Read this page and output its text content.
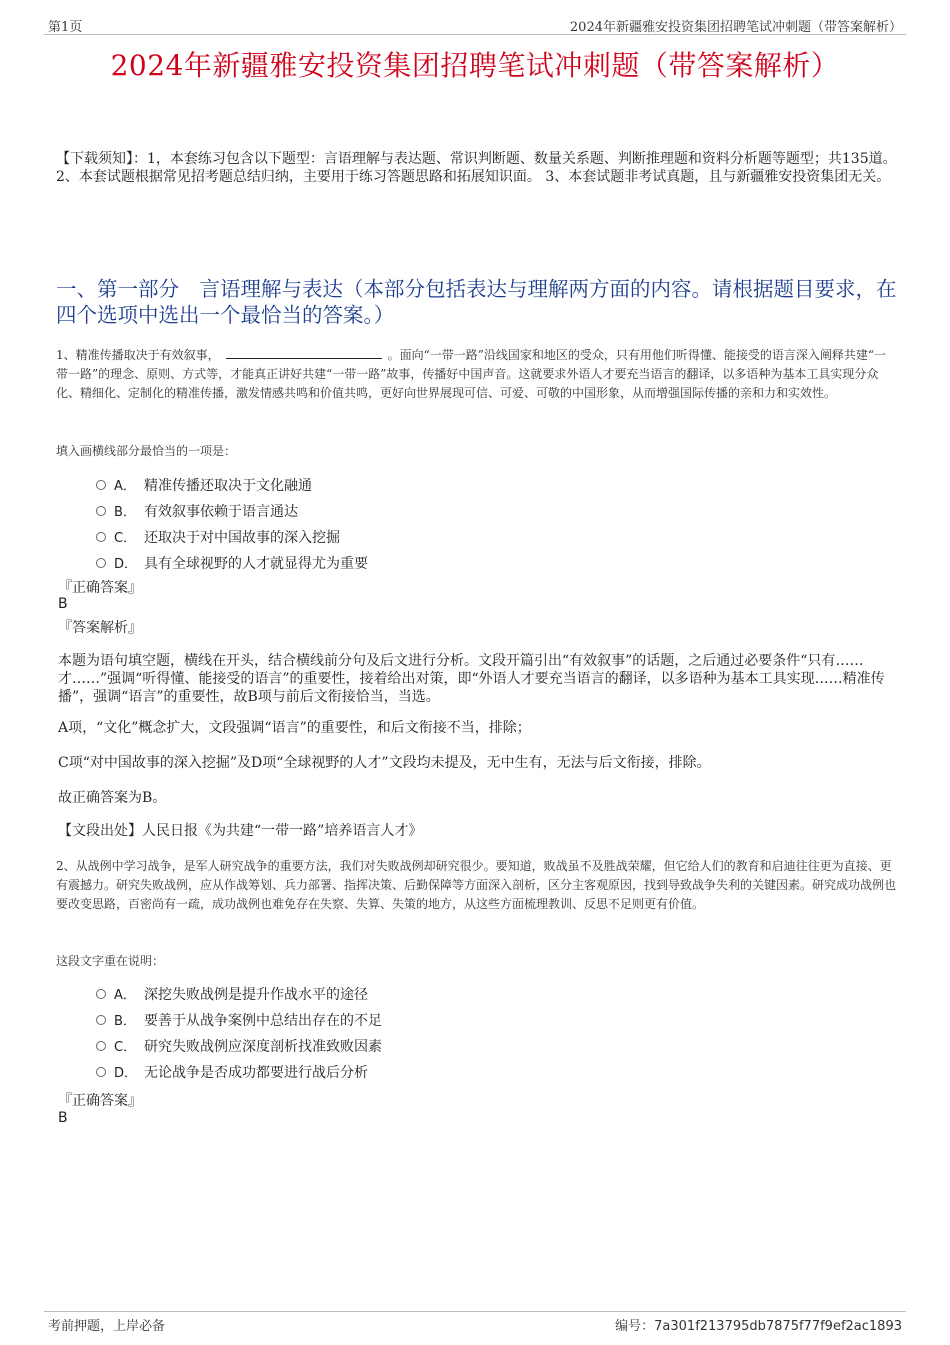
第1页	2024年新疆雅安投资集团招聘笔试冲刺题（带答案解析）
2024年新疆雅安投资集团招聘笔试冲刺题（带答案解析）
【下载须知】：1，本套练习包含以下题型：言语理解与表达题、常识判断题、数量关系题、判断推理题和资料分析题等题型；共135道。 2、本套试题根据常见招考题总结归纳，主要用于练习答题思路和拓展知识面。 3、本套试题非考试真题，且与新疆雅安投资集团无关。
一、第一部分　言语理解与表达（本部分包括表达与理解两方面的内容。请根据题目要求，在四个选项中选出一个最恰当的答案。）
1、精准传播取决于有效叙事，	。面向“一带一路”沿线国家和地区的受众，只有用他们听得懂、能接受的语言深入阐释共建“一带一路”的理念、原则、方式等，才能真正讲好共建“一带一路”故事，传播好中国声音。这就要求外语人才要充当语言的翻译，以多语种为基本工具实现分众化、精细化、定制化的精准传播，激发情感共鸣和价值共鸣，更好向世界展现可信、可爱、可敬的中国形象，从而增强国际传播的亲和力和实效性。
填入画横线部分最恰当的一项是：
A． 精准传播还取决于文化融通
B． 有效叙事依赖于语言通达
C． 还取决于对中国故事的深入挖掘
D． 具有全球视野的人才就显得尤为重要
『正确答案』
B
『答案解析』
本题为语句填空题，横线在开头，结合横线前分句及后文进行分析。文段开篇引出“有效叙事”的话题，之后通过必要条件“只有……才……”强调“听得懂、能接受的语言”的重要性，接着给出对策，即“外语人才要充当语言的翻译，以多语种为基本工具实现……精准传播”，强调“语言”的重要性，故B项与前后文衔接恰当，当选。
A项，“文化”概念扩大，文段强调“语言”的重要性，和后文衔接不当，排除；
C项“对中国故事的深入挖掘”及D项“全球视野的人才”文段均未提及，无中生有，无法与后文衔接，排除。
故正确答案为B。
【文段出处】人民日报《为共建“一带一路”培养语言人才》
2、从战例中学习战争，是军人研究战争的重要方法，我们对失败战例却研究很少。要知道，败战虽不及胜战荣耀，但它给人们的教育和启迪往往更为直接、更有震撼力。研究失败战例，应从作战筹划、兵力部署、指挥决策、后勤保障等方面深入剖析，区分主客观原因，找到导致战争失利的关键因素。研究成功战例也要改变思路，百密尚有一疏，成功战例也难免存在失察、失算、失策的地方，从这些方面梳理教训、反思不足则更有价值。
这段文字重在说明：
A． 深挖失败战例是提升作战水平的途径
B． 要善于从战争案例中总结出存在的不足
C． 研究失败战例应深度剖析找准致败因素
D． 无论战争是否成功都要进行战后分析
『正确答案』
B
考前押题，上岸必备	编号：7a301f213795db7875f77f9ef2ac1893
